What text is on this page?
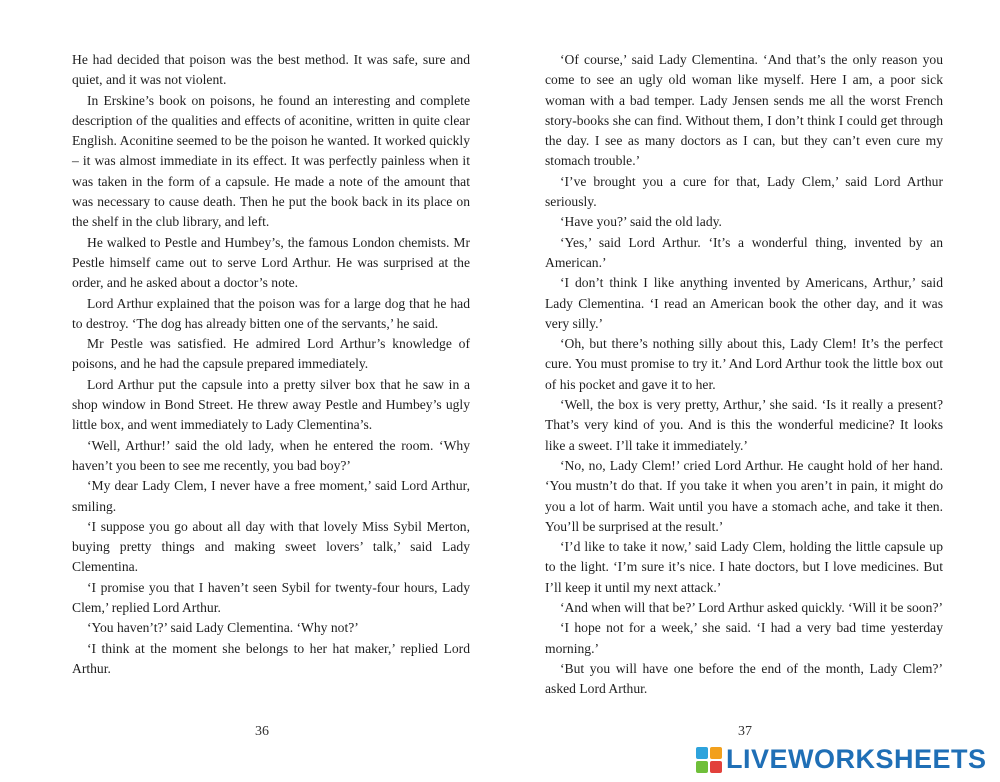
He had decided that poison was the best method. It was safe, sure and quiet, and it was not violent.

In Erskine’s book on poisons, he found an interesting and complete description of the qualities and effects of aconitine, written in quite clear English. Aconitine seemed to be the poison he wanted. It worked quickly – it was almost immediate in its effect. It was perfectly painless when it was taken in the form of a capsule. He made a note of the amount that was necessary to cause death. Then he put the book back in its place on the shelf in the club library, and left.

He walked to Pestle and Humbey’s, the famous London chemists. Mr Pestle himself came out to serve Lord Arthur. He was surprised at the order, and he asked about a doctor’s note.

Lord Arthur explained that the poison was for a large dog that he had to destroy. ‘The dog has already bitten one of the servants,’ he said.

Mr Pestle was satisfied. He admired Lord Arthur’s knowledge of poisons, and he had the capsule prepared immediately.

Lord Arthur put the capsule into a pretty silver box that he saw in a shop window in Bond Street. He threw away Pestle and Humbey’s ugly little box, and went immediately to Lady Clementina’s.

‘Well, Arthur!’ said the old lady, when he entered the room. ‘Why haven’t you been to see me recently, you bad boy?’

‘My dear Lady Clem, I never have a free moment,’ said Lord Arthur, smiling.

‘I suppose you go about all day with that lovely Miss Sybil Merton, buying pretty things and making sweet lovers’ talk,’ said Lady Clementina.

‘I promise you that I haven’t seen Sybil for twenty-four hours, Lady Clem,’ replied Lord Arthur.

‘You haven’t?’ said Lady Clementina. ‘Why not?’

‘I think at the moment she belongs to her hat maker,’ replied Lord Arthur.

36

‘Of course,’ said Lady Clementina. ‘And that’s the only reason you come to see an ugly old woman like myself. Here I am, a poor sick woman with a bad temper. Lady Jensen sends me all the worst French story-books she can find. Without them, I don’t think I could get through the day. I see as many doctors as I can, but they can’t even cure my stomach trouble.’

‘I’ve brought you a cure for that, Lady Clem,’ said Lord Arthur seriously.

‘Have you?’ said the old lady.

‘Yes,’ said Lord Arthur. ‘It’s a wonderful thing, invented by an American.’

‘I don’t think I like anything invented by Americans, Arthur,’ said Lady Clementina. ‘I read an American book the other day, and it was very silly.’

‘Oh, but there’s nothing silly about this, Lady Clem! It’s the perfect cure. You must promise to try it.’ And Lord Arthur took the little box out of his pocket and gave it to her.

‘Well, the box is very pretty, Arthur,’ she said. ‘Is it really a present? That’s very kind of you. And is this the wonderful medicine? It looks like a sweet. I’ll take it immediately.’

‘No, no, Lady Clem!’ cried Lord Arthur. He caught hold of her hand. ‘You mustn’t do that. If you take it when you aren’t in pain, it might do you a lot of harm. Wait until you have a stomach ache, and take it then. You’ll be surprised at the result.’

‘I’d like to take it now,’ said Lady Clem, holding the little capsule up to the light. ‘I’m sure it’s nice. I hate doctors, but I love medicines. But I’ll keep it until my next attack.’

‘And when will that be?’ Lord Arthur asked quickly. ‘Will it be soon?’

‘I hope not for a week,’ she said. ‘I had a very bad time yesterday morning.’

‘But you will have one before the end of the month, Lady Clem?’ asked Lord Arthur.

37
LIVEWORKSHEETS
